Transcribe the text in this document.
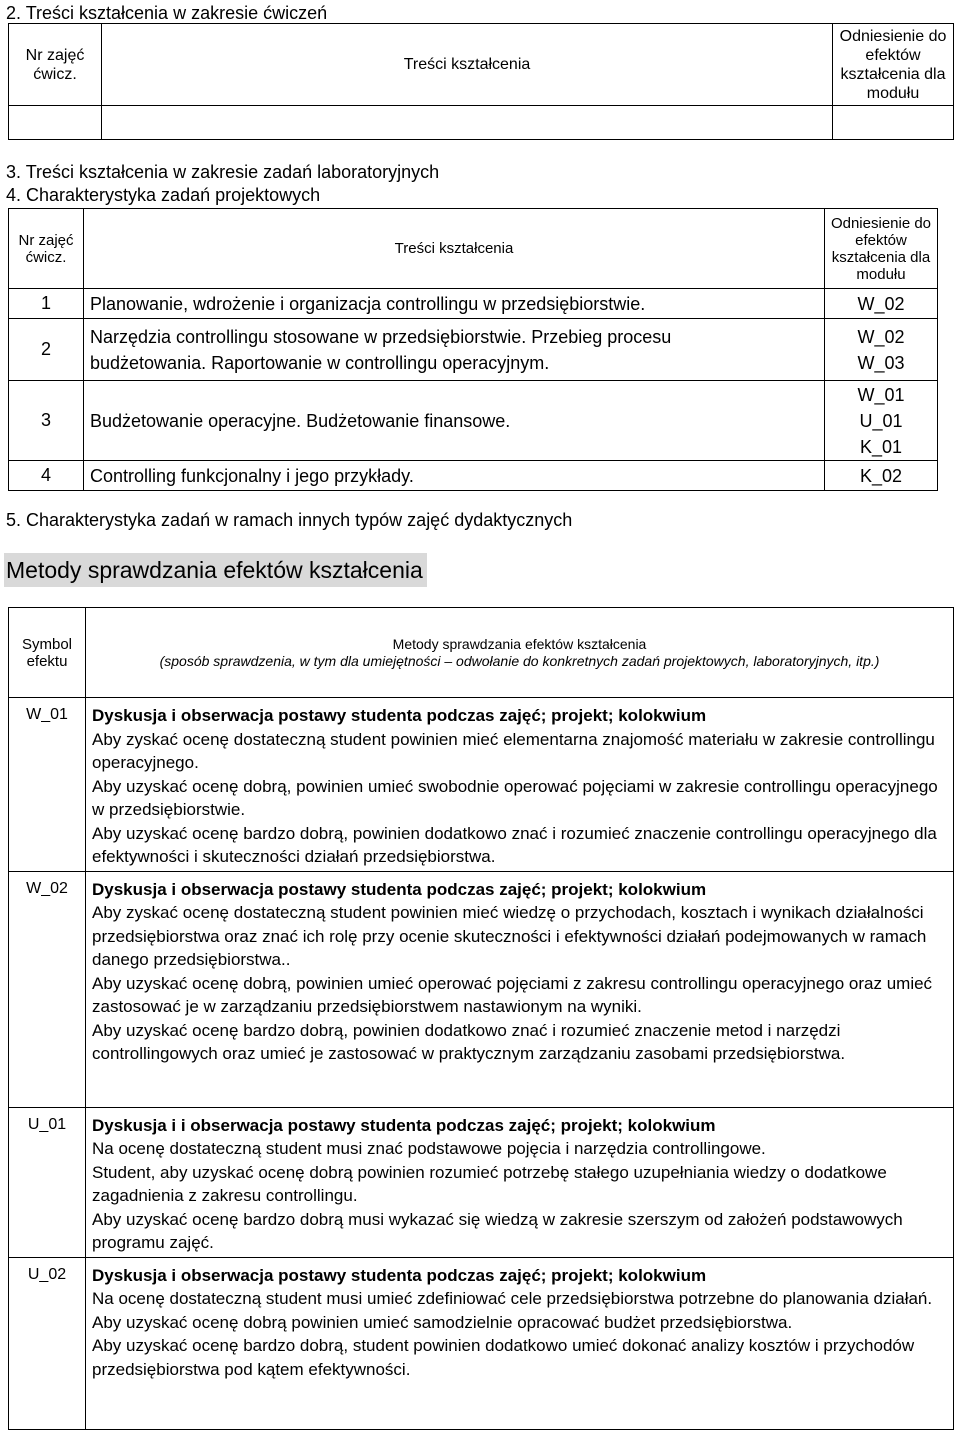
2. Treści kształcenia w zakresie ćwiczeń
Nr zajęć ćwicz.	Treści kształcenia	Odniesienie do efektów kształcenia dla modułu

3. Treści kształcenia w zakresie zadań laboratoryjnych
4. Charakterystyka zadań projektowych
Nr zajęć ćwicz.	Treści kształcenia	Odniesienie do efektów kształcenia dla modułu
1	Planowanie, wdrożenie i organizacja controllingu w przedsiębiorstwie.	W_02
2	Narzędzia controllingu stosowane w przedsiębiorstwie. Przebieg procesu budżetowania. Raportowanie w controllingu operacyjnym.	W_02 W_03
3	Budżetowanie operacyjne. Budżetowanie finansowe.	W_01 U_01 K_01
4	Controlling funkcjonalny i jego przykłady.	K_02
5. Charakterystyka zadań w ramach innych typów zajęć dydaktycznych
Metody sprawdzania efektów kształcenia
Symbol efektu	Metody sprawdzania efektów kształcenia
(sposób sprawdzenia, w tym dla umiejętności – odwołanie do konkretnych zadań projektowych, laboratoryjnych, itp.)

W_01	Dyskusja i obserwacja postawy studenta podczas zajęć; projekt; kolokwium

Aby zyskać ocenę dostateczną student powinien mieć elementarna znajomość materiału w zakresie controllingu operacyjnego.

Aby uzyskać ocenę dobrą, powinien umieć swobodnie operować pojęciami w zakresie controllingu operacyjnego w przedsiębiorstwie.

Aby uzyskać ocenę bardzo dobrą, powinien dodatkowo znać i rozumieć znaczenie controllingu operacyjnego dla efektywności i skuteczności działań przedsiębiorstwa.

W_02	Dyskusja i obserwacja postawy studenta podczas zajęć; projekt; kolokwium

Aby zyskać ocenę dostateczną student powinien mieć wiedzę o przychodach, kosztach i wynikach działalności przedsiębiorstwa oraz znać ich rolę przy ocenie skuteczności i efektywności działań podejmowanych w ramach danego przedsiębiorstwa..

Aby uzyskać ocenę dobrą, powinien umieć operować pojęciami z zakresu controllingu operacyjnego oraz umieć zastosować je w zarządzaniu przedsiębiorstwem nastawionym na wyniki.

Aby uzyskać ocenę bardzo dobrą, powinien dodatkowo znać i rozumieć znaczenie metod i narzędzi controllingowych oraz umieć je zastosować w praktycznym zarządzaniu zasobami przedsiębiorstwa.

U_01	Dyskusja i i obserwacja postawy studenta podczas zajęć; projekt; kolokwium

Na ocenę dostateczną student musi znać podstawowe pojęcia i narzędzia controllingowe.

Student, aby uzyskać ocenę dobrą powinien rozumieć potrzebę stałego uzupełniania wiedzy o dodatkowe zagadnienia z zakresu controllingu.

Aby uzyskać ocenę bardzo dobrą musi wykazać się wiedzą w zakresie szerszym od założeń podstawowych programu zajęć.

U_02	Dyskusja i obserwacja postawy studenta podczas zajęć; projekt; kolokwium

Na ocenę dostateczną student musi umieć zdefiniować cele przedsiębiorstwa potrzebne do planowania działań.

Aby uzyskać ocenę dobrą powinien umieć samodzielnie opracować budżet przedsiębiorstwa.

Aby uzyskać ocenę bardzo dobrą, student powinien dodatkowo umieć dokonać analizy kosztów i przychodów przedsiębiorstwa pod kątem efektywności.
